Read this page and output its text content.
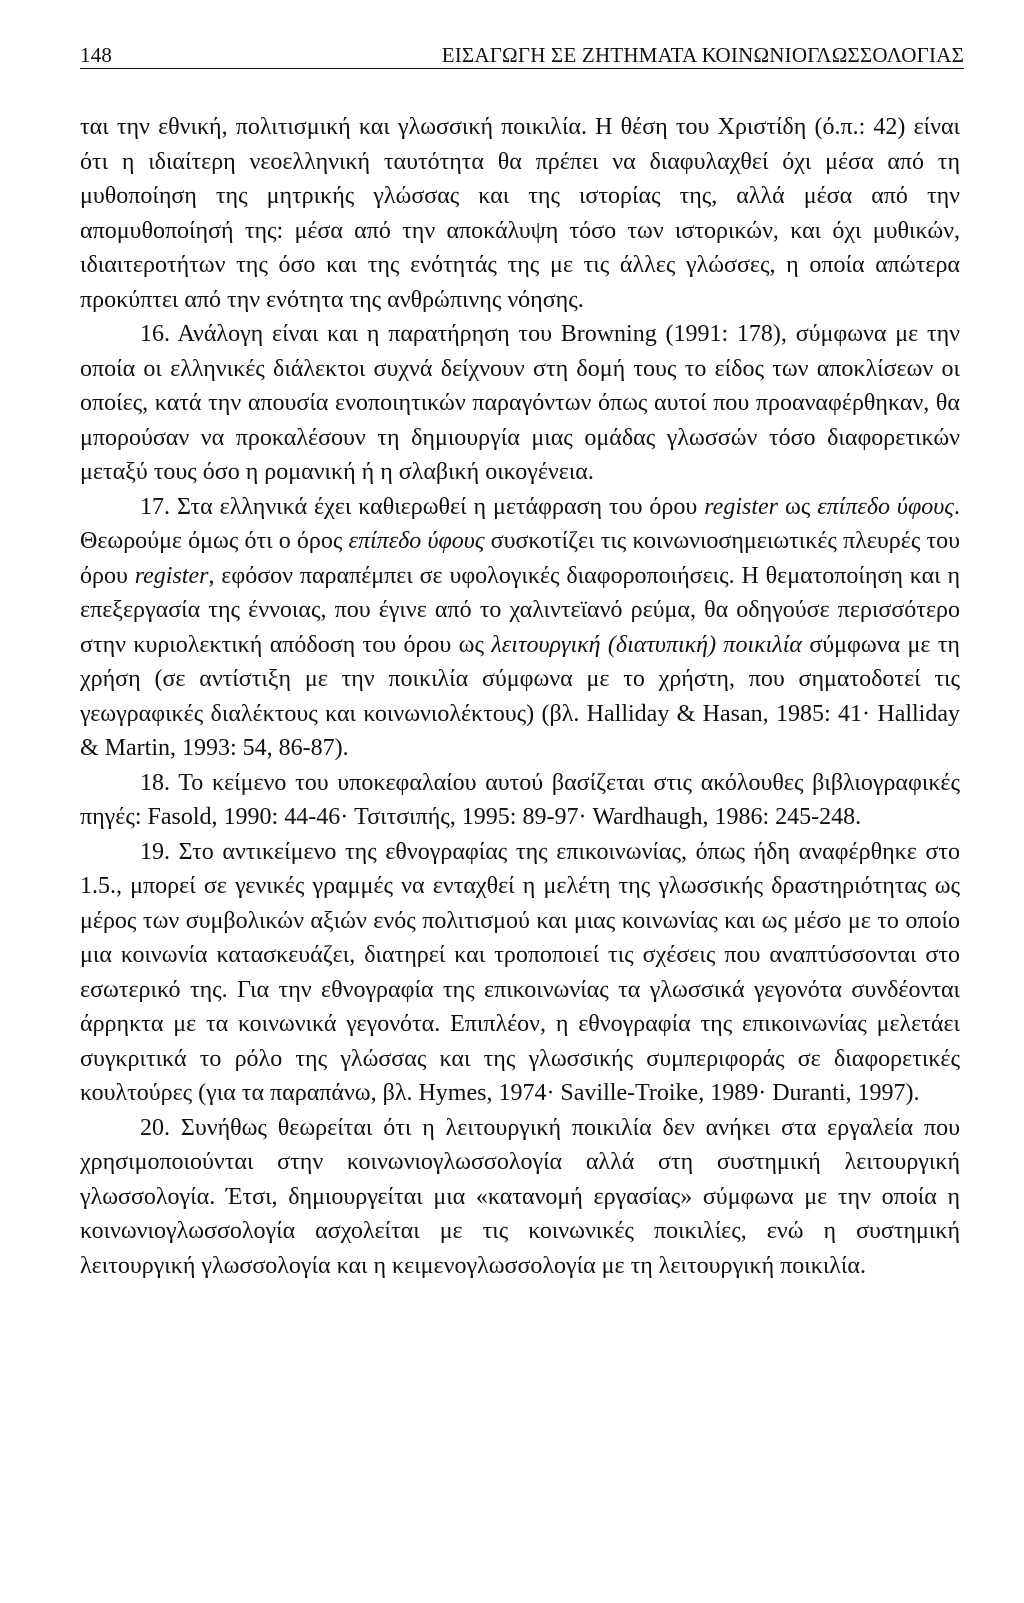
148	ΕΙΣΑΓΩΓΗ ΣΕ ΖΗΤΗΜΑΤΑ ΚΟΙΝΩΝΙΟΓΛΩΣΣΟΛΟΓΙΑΣ

ται την εθνική, πολιτισμική και γλωσσική ποικιλία. Η θέση του Χριστίδη (ό.π.: 42) είναι ότι η ιδιαίτερη νεοελληνική ταυτότητα θα πρέπει να διαφυλαχθεί όχι μέσα από τη μυθοποίηση της μητρικής γλώσσας και της ιστορίας της, αλλά μέσα από την απομυθοποίησή της: μέσα από την αποκάλυψη τόσο των ιστορικών, και όχι μυθικών, ιδιαιτεροτήτων της όσο και της ενότητάς της με τις άλλες γλώσσες, η οποία απώτερα προκύπτει από την ενότητα της ανθρώπινης νόησης.

16. Ανάλογη είναι και η παρατήρηση του Browning (1991: 178), σύμφωνα με την οποία οι ελληνικές διάλεκτοι συχνά δείχνουν στη δομή τους το είδος των αποκλίσεων οι οποίες, κατά την απουσία ενοποιητικών παραγόντων όπως αυτοί που προαναφέρθηκαν, θα μπορούσαν να προκαλέσουν τη δημιουργία μιας ομάδας γλωσσών τόσο διαφορετικών μεταξύ τους όσο η ρομανική ή η σλαβική οικογένεια.

17. Στα ελληνικά έχει καθιερωθεί η μετάφραση του όρου register ως επίπεδο ύφους. Θεωρούμε όμως ότι ο όρος επίπεδο ύφους συσκοτίζει τις κοινωνιοσημειωτικές πλευρές του όρου register, εφόσον παραπέμπει σε υφολογικές διαφοροποιήσεις. Η θεματοποίηση και η επεξεργασία της έννοιας, που έγινε από το χαλιντεϊανό ρεύμα, θα οδηγούσε περισσότερο στην κυριολεκτική απόδοση του όρου ως λειτουργική (διατυπική) ποικιλία σύμφωνα με τη χρήση (σε αντίστιξη με την ποικιλία σύμφωνα με το χρήστη, που σηματοδοτεί τις γεωγραφικές διαλέκτους και κοινωνιολέκτους) (βλ. Halliday & Hasan, 1985: 41· Halliday & Martin, 1993: 54, 86-87).

18. Το κείμενο του υποκεφαλαίου αυτού βασίζεται στις ακόλουθες βιβλιογραφικές πηγές: Fasold, 1990: 44-46· Τσιτσιπής, 1995: 89-97· Wardhaugh, 1986: 245-248.

19. Στο αντικείμενο της εθνογραφίας της επικοινωνίας, όπως ήδη αναφέρθηκε στο 1.5., μπορεί σε γενικές γραμμές να ενταχθεί η μελέτη της γλωσσικής δραστηριότητας ως μέρος των συμβολικών αξιών ενός πολιτισμού και μιας κοινωνίας και ως μέσο με το οποίο μια κοινωνία κατασκευάζει, διατηρεί και τροποποιεί τις σχέσεις που αναπτύσσονται στο εσωτερικό της. Για την εθνογραφία της επικοινωνίας τα γλωσσικά γεγονότα συνδέονται άρρηκτα με τα κοινωνικά γεγονότα. Επιπλέον, η εθνογραφία της επικοινωνίας μελετάει συγκριτικά το ρόλο της γλώσσας και της γλωσσικής συμπεριφοράς σε διαφορετικές κουλτούρες (για τα παραπάνω, βλ. Hymes, 1974· Saville-Troike, 1989· Duranti, 1997).

20. Συνήθως θεωρείται ότι η λειτουργική ποικιλία δεν ανήκει στα εργαλεία που χρησιμοποιούνται στην κοινωνιογλωσσολογία αλλά στη συστημική λειτουργική γλωσσολογία. Έτσι, δημιουργείται μια «κατανομή εργασίας» σύμφωνα με την οποία η κοινωνιογλωσσολογία ασχολείται με τις κοινωνικές ποικιλίες, ενώ η συστημική λειτουργική γλωσσολογία και η κειμενογλωσσολογία με τη λειτουργική ποικιλία.
